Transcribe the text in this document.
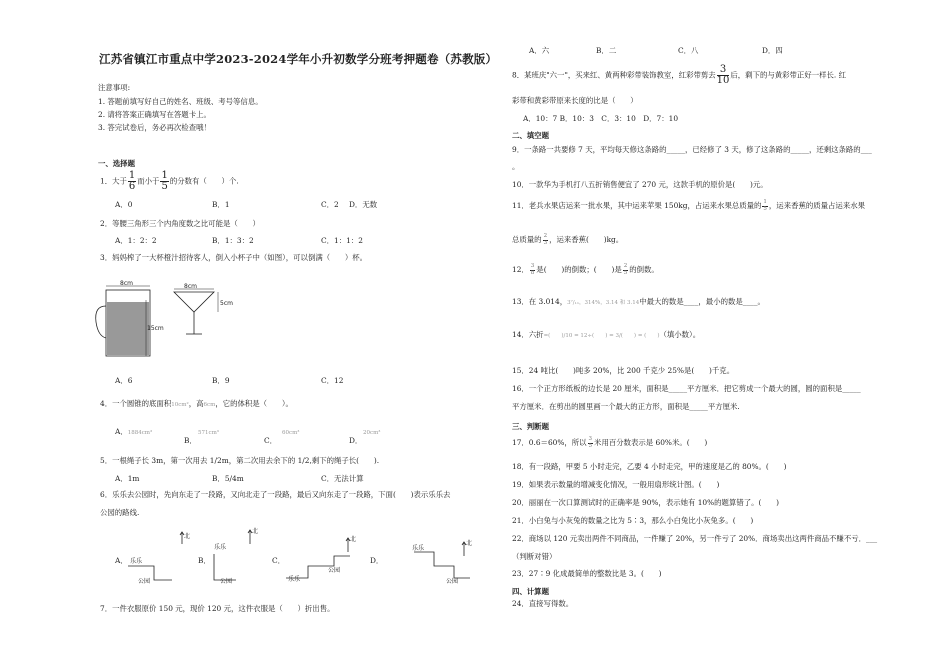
江苏省镇江市重点中学2023-2024学年小升初数学分班考押题卷（苏教版）
注意事项:
1. 答题前填写好自己的姓名、班级、考号等信息。
2. 请将答案正确填写在答题卡上。
3. 答完试卷后，务必再次检查哦！
一、选择题
1．大于 $\frac{1}{6}$ 而小于 $\frac{1}{5}$ 的分数有（　　）个.
A．0	B．1	C．2 D．无数
2．等腰三角形三个内角度数之比可能是（　　）
A．1：2：2	B．1：3：2	C．1：1：2
3．妈妈榨了一大杯橙汁招待客人，倒入小杯子中（如图），可以倒满（　　）杯。
8cm
15cm
8cm
5cm
A．6	B．9	C．12
4．一个圆锥的底面积10cm²，高6cm，它的体积是（　　）。
A．1884cm³	571cm³
B．
60cm³
C．
20cm³
D．
5．一根绳子长 3m，第一次用去 1/2m，第二次用去余下的 1/2,剩下的绳子长(　　).
A．1m	B．5/4m	C．无法计算
6．乐乐去公园时，先向东走了一段路，又向北走了一段路，最后又向东走了一段路，下面(　　)表示乐乐去
公园的路线.
A．	B．	C．	D．
乐乐
公园
北
乐乐
公园
北
乐乐
公园
北
乐乐
公园
北
7．一件衣服原价 150 元，现价 120 元，这件衣服是（　　）折出售。
A．六	B．二	C．八	D．四
8．某班庆"六一"，买来红、黄两种彩带装饰教室，红彩带剪去 $\frac{3}{10}$ 后，剩下的与黄彩带正好一样长. 红
彩带和黄彩带原来长度的比是（　　）
A．10：7 B．10：3　C．3：10　D．7：10
二、填空题
9．一条路一共要修 7 天，平均每天修这条路的_____，已经修了 3 天，修了这条路的_____，还剩这条路的___
。
10．一款华为手机打八五折销售便宜了 270 元，这款手机的原价是(　　)元。
11．老兵水果店运来一批水果，其中运来苹果 150kg，占运来水果总质量的 $\frac{1}{5}$ ，运来香蕉的质量占运来水果
总质量的 $\frac{2}{3}$ ，运来香蕉(　　)kg。
12． $\frac{3}{8}$ 是(　　)的倒数；(　　)是 $\frac{2}{5}$ 的倒数。
13．在 3.014，3⁷/₁₁，314%，3.14 和 3.14中最大的数是____，最小的数是____。
14．六折=(　　)/10 = 12÷(　　) = 3/(　　) = (　　)（填小数）。
15．24 吨比(　　)吨多 20%，比 200 千克少 25%是(　　)千克。
16．一个正方形纸板的边长是 20 厘米，面积是_____平方厘米．把它剪成一个最大的圆，圆的面积是_____
平方厘米．在剪出的圆里画一个最大的正方形，面积是_____平方厘米.
三、判断题
17．0.6＝60%，所以 $\frac{3}{5}$ 米用百分数表示是 60%米。(　　)
18．有一段路，甲要 5 小时走完，乙要 4 小时走完，甲的速度是乙的 80%。(　　)
19．如果表示数量的增减变化情况，一般用扇形统计图。(　　)
20．丽丽在一次口算测试时的正确率是 90%，表示她有 10%的题算错了。(　　)
21．小白兔与小灰兔的数量之比为 5∶3，那么小白兔比小灰兔多。(　　)
22．商场以 120 元卖出两件不同商品，一件赚了 20%，另一件亏了 20%．商场卖出这两件商品不赚不亏．___
（判断对错）
23．27∶9 化成最简单的整数比是 3。(　　)
四、计算题
24．直接写得数。
